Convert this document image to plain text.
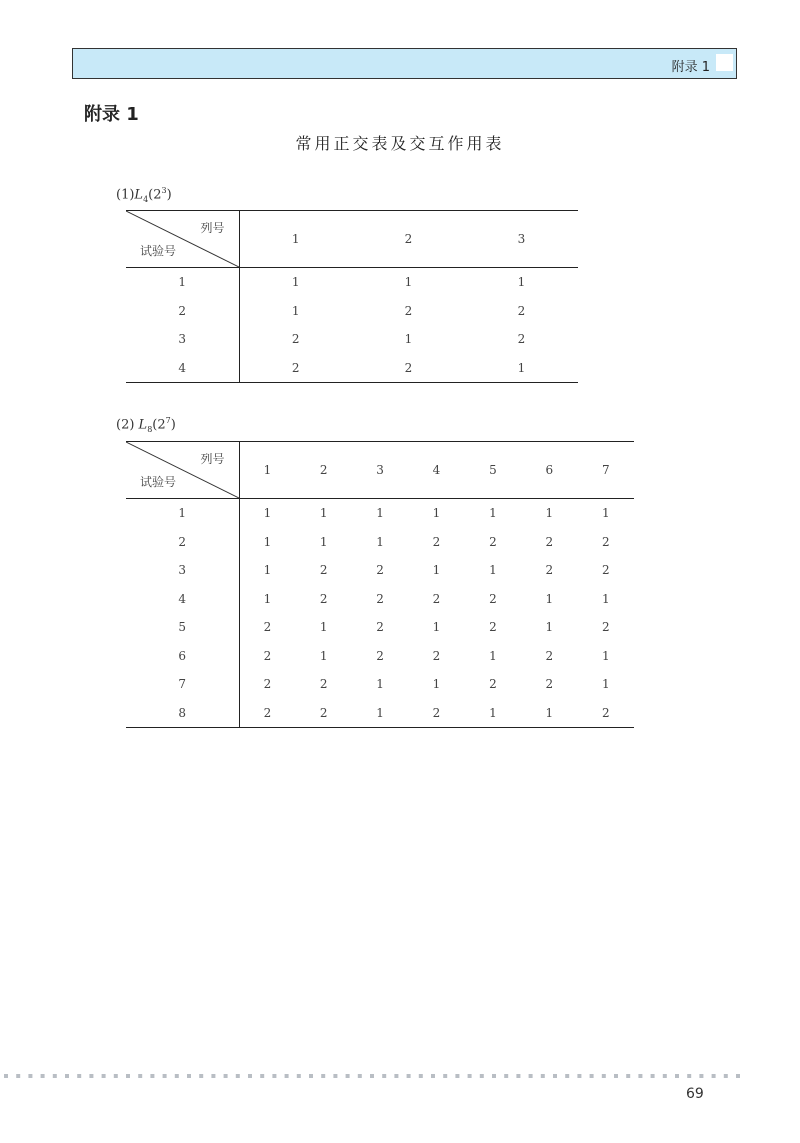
附录 1
附录 1
常用正交表及交互作用表
$(1)L_4(2^3)$
列号
试验号	1	2	3
1	1	1	1
2	1	2	2
3	2	1	2
4	2	2	1
(2) $L_8(2^7)$
列号
试验号	1	2	3	4	5	6	7
1	1	1	1	1	1	1	1
2	1	1	1	2	2	2	2
3	1	2	2	1	1	2	2
4	1	2	2	2	2	1	1
5	2	1	2	1	2	1	2
6	2	1	2	2	1	2	1
7	2	2	1	1	2	2	1
8	2	2	1	2	1	1	2
69
